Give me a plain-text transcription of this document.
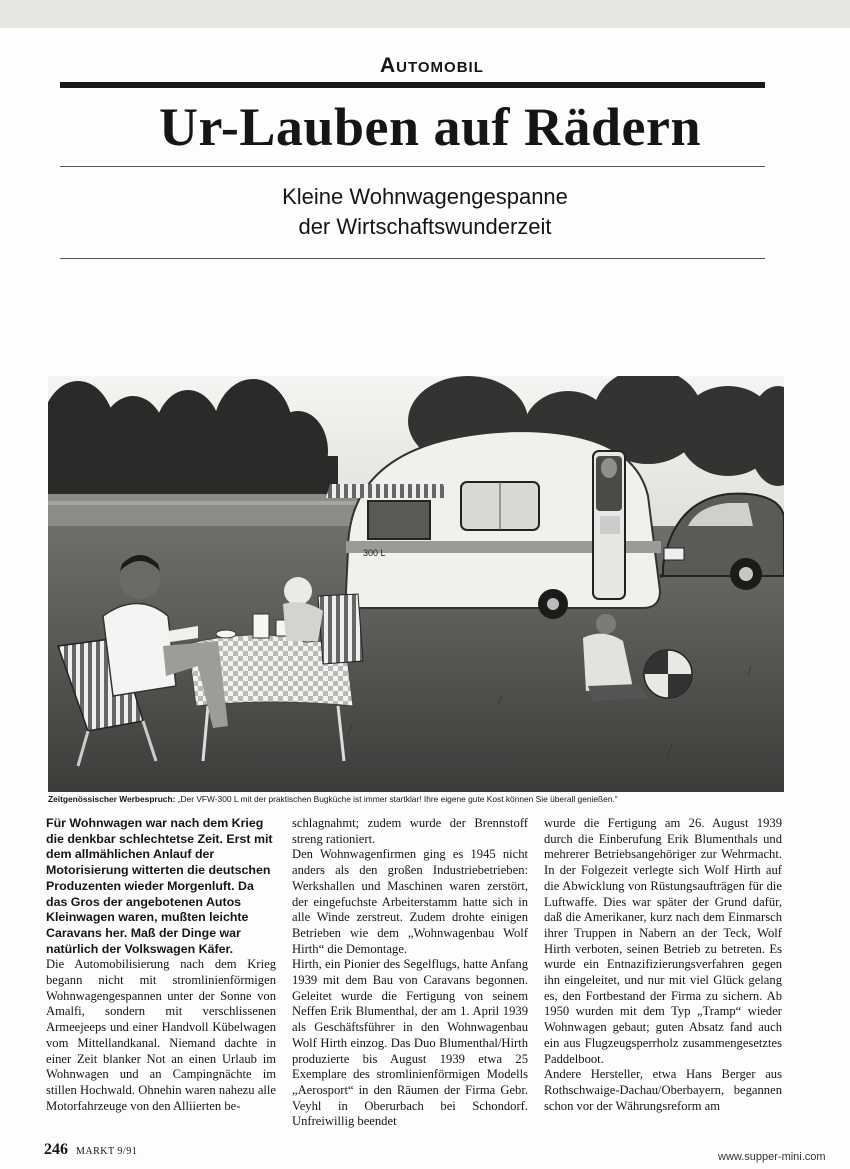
Automobil
Ur-Lauben auf Rädern
Kleine Wohnwagengespanne
der Wirtschaftswunderzeit
300 L
Zeitgenössischer Werbespruch: „Der VFW-300 L mit der praktischen Bugküche ist immer startklar! Ihre eigene gute Kost können Sie überall genießen.“

Für Wohnwagen war nach dem Krieg die denkbar schlechtetse Zeit. Erst mit dem allmählichen Anlauf der Motorisierung witterten die deutschen Produzenten wieder Morgenluft. Da das Gros der angebotenen Autos Kleinwagen waren, mußten leichte Caravans her. Maß der Dinge war natürlich der Volkswagen Käfer.

Die Automobilisierung nach dem Krieg begann nicht mit stromlinienförmigen Wohnwagengespannen unter der Sonne von Amalfi, sondern mit verschlissenen Armeejeeps und einer Handvoll Kübelwagen vom Mittellandkanal. Niemand dachte in einer Zeit blanker Not an einen Urlaub im Wohnwagen und an Campingnächte im stillen Hochwald. Ohnehin waren nahezu alle Motorfahrzeuge von den Alliierten be-

schlagnahmt; zudem wurde der Brennstoff streng rationiert.

Den Wohnwagenfirmen ging es 1945 nicht anders als den großen Industriebetrieben: Werkshallen und Maschinen waren zerstört, der eingefuchste Arbeiterstamm hatte sich in alle Winde zerstreut. Zudem drohte einigen Betrieben wie dem „Wohnwagenbau Wolf Hirth“ die Demontage.

Hirth, ein Pionier des Segelflugs, hatte Anfang 1939 mit dem Bau von Caravans begonnen. Geleitet wurde die Fertigung von seinem Neffen Erik Blumenthal, der am 1. April 1939 als Geschäftsführer in den Wohnwagenbau Wolf Hirth einzog. Das Duo Blumenthal/Hirth produzierte bis August 1939 etwa 25 Exemplare des stromlinienförmigen Modells „Aerosport“ in den Räumen der Firma Gebr. Veyhl in Oberurbach bei Schondorf. Unfreiwillig beendet

wurde die Fertigung am 26. August 1939 durch die Einberufung Erik Blumenthals und mehrerer Betriebsangehöriger zur Wehrmacht. In der Folgezeit verlegte sich Wolf Hirth auf die Abwicklung von Rüstungsaufträgen für die Luftwaffe. Dies war später der Grund dafür, daß die Amerikaner, kurz nach dem Einmarsch ihrer Truppen in Nabern an der Teck, Wolf Hirth verboten, seinen Betrieb zu betreten. Es wurde ein Entnazifizierungsverfahren gegen ihn eingeleitet, und nur mit viel Glück gelang es, den Fortbestand der Firma zu sichern. Ab 1950 wurden mit dem Typ „Tramp“ wieder Wohnwagen gebaut; guten Absatz fand auch ein aus Flugzeugsperrholz zusammengesetztes Paddelboot.

Andere Hersteller, etwa Hans Berger aus Rothschwaige-Dachau/Oberbayern, begannen schon vor der Währungsreform am

246 MARKT 9/91	www.supper-mini.com
